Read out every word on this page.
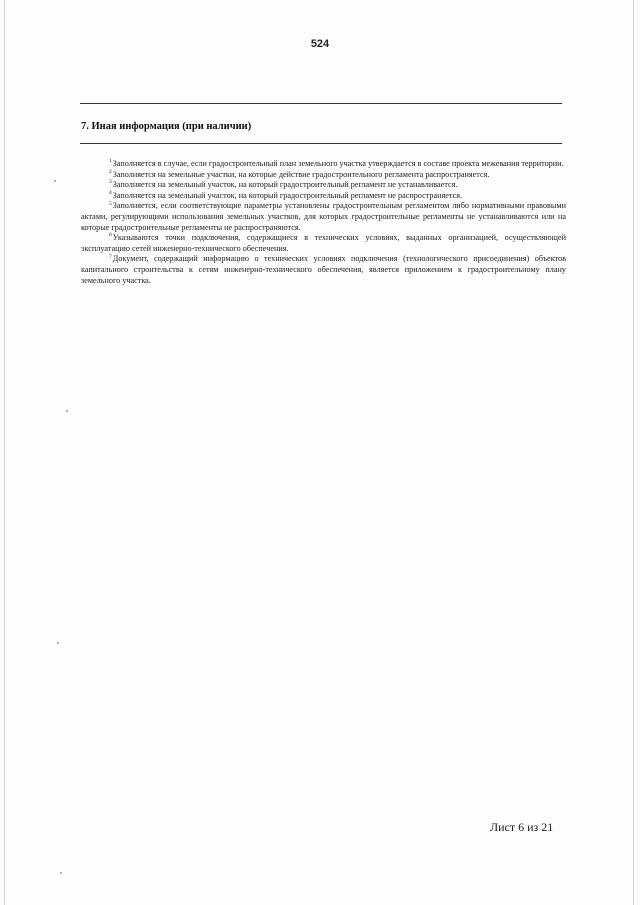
524
7. Иная информация (при наличии)

$^1$Заполняется в случае, если градостроительный план земельного участка утверждается в составе проекта межевания территории.

$^2$Заполняется на земельные участки, на которые действие градостроительного регламента распространяется.

$^3$Заполняется на земельный участок, на который градостроительный регламент не устанавливается.

$^4$Заполняется на земельный участок, на который градостроительный регламент не распространяется.

$^5$Заполняется, если соответствующие параметры установлены градостроительным регламентом либо нормативными правовыми актами, регулирующими использования земельных участков, для которых градостроительные регламенты не устанавливаются или на которые градостроительные регламенты не распространяются.

$^6$Указываются точки подключения, содержащиеся в технических условиях, выданных организацией, осуществляющей эксплуатацию сетей инженерно-технического обеспечения.

$^7$Документ, содержащий информацию о технических условиях подключения (технологического присоединения) объектов капитального строительства к сетям инженерно-технического обеспечения, является приложением к градостроительному плану земельного участка.

Лист 6 из 21
